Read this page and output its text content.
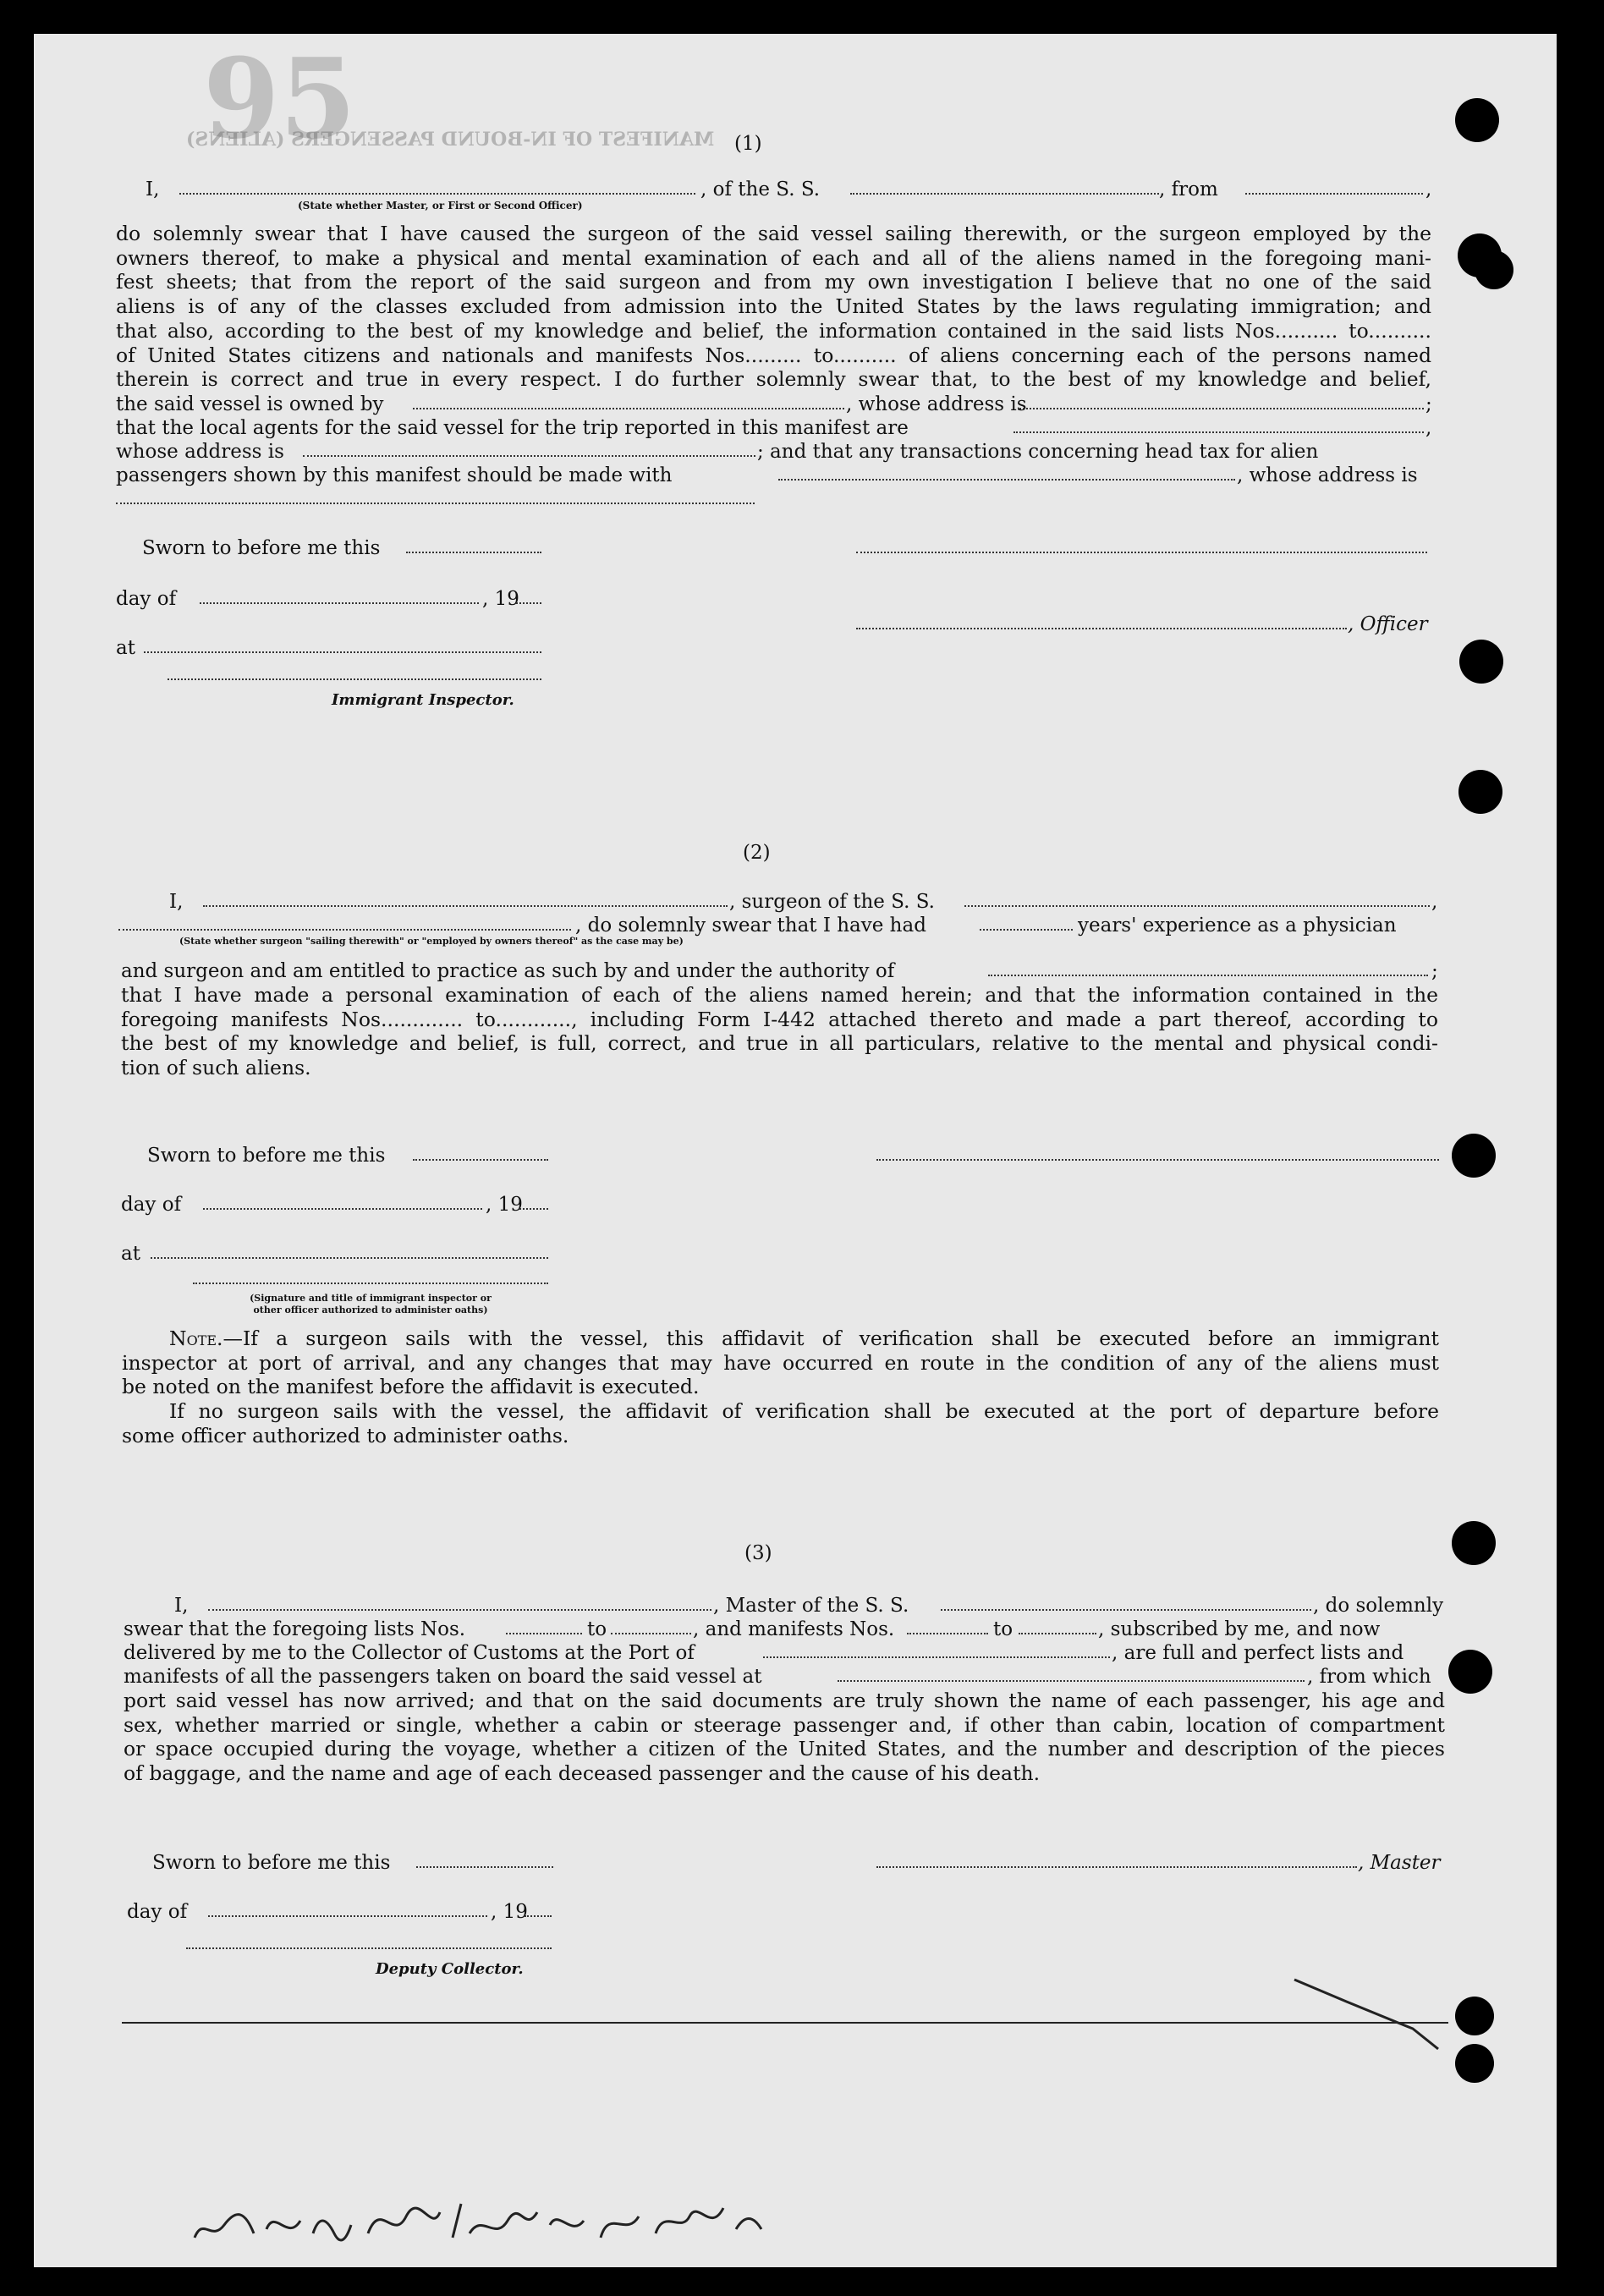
95
MANIFEST OF IN-BOUND PASSENGERS (ALIENS) (1)
I,	, of the S. S.	, from	,
(State whether Master, or First or Second Officer)
do solemnly swear that I have caused the surgeon of the said vessel sailing therewith, or the surgeon employed by the
owners thereof, to make a physical and mental examination of each and all of the aliens named in the foregoing mani-
fest sheets; that from the report of the said surgeon and from my own investigation I believe that no one of the said
aliens is of any of the classes excluded from admission into the United States by the laws regulating immigration; and
that also, according to the best of my knowledge and belief, the information contained in the said lists Nos.......... to..........
of United States citizens and nationals and manifests Nos......... to.......... of aliens concerning each of the persons named
therein is correct and true in every respect. I do further solemnly swear that, to the best of my knowledge and belief,
the said vessel is owned by	, whose address is	;
that the local agents for the said vessel for the trip reported in this manifest are	,
whose address is	; and that any transactions concerning head tax for alien
passengers shown by this manifest should be made with	, whose address is
Sworn to before me this
day of	, 19
, Officer
at
Immigrant Inspector.
(2)
I,	, surgeon of the S. S.	,
, do solemnly swear that I have had	years' experience as a physician
(State whether surgeon "sailing therewith" or "employed by owners thereof" as the case may be)
and surgeon and am entitled to practice as such by and under the authority of	;
that I have made a personal examination of each of the aliens named herein; and that the information contained in the
foregoing manifests Nos............. to............, including Form I-442 attached thereto and made a part thereof, according to
the best of my knowledge and belief, is full, correct, and true in all particulars, relative to the mental and physical condi-
tion of such aliens.
Sworn to before me this
day of	, 19
at
(Signature and title of immigrant inspector or
other officer authorized to administer oaths)
Note.—If a surgeon sails with the vessel, this affidavit of verification shall be executed before an immigrant
inspector at port of arrival, and any changes that may have occurred en route in the condition of any of the aliens must
be noted on the manifest before the affidavit is executed.
If no surgeon sails with the vessel, the affidavit of verification shall be executed at the port of departure before
some officer authorized to administer oaths.
(3)
I,	, Master of the S. S.	, do solemnly
swear that the foregoing lists Nos.	to	, and manifests Nos.	to	, subscribed by me, and now
delivered by me to the Collector of Customs at the Port of	, are full and perfect lists and
manifests of all the passengers taken on board the said vessel at	, from which
port said vessel has now arrived; and that on the said documents are truly shown the name of each passenger, his age and
sex, whether married or single, whether a cabin or steerage passenger and, if other than cabin, location of compartment
or space occupied during the voyage, whether a citizen of the United States, and the number and description of the pieces
of baggage, and the name and age of each deceased passenger and the cause of his death.
Sworn to before me this	, Master
day of	, 19
Deputy Collector.
